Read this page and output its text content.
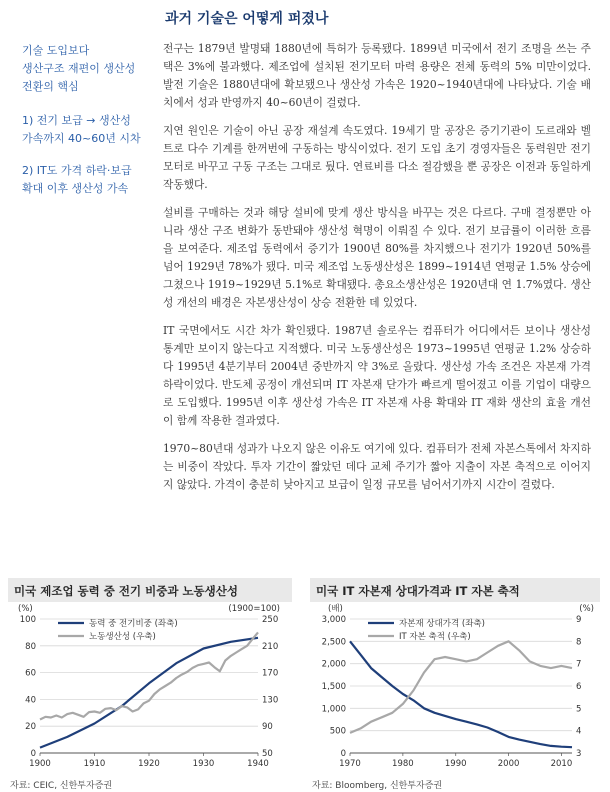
과거 기술은 어떻게 퍼졌나
기술 도입보다
생산구조 재편이 생산성
전환의 핵심
1) 전기 보급 → 생산성
가속까지 40~60년 시차
2) IT도 가격 하락·보급
확대 이후 생산성 가속

전구는 1879년 발명돼 1880년에 특허가 등록됐다. 1899년 미국에서 전기 조명을 쓰는 주택은 3%에 불과했다. 제조업에 설치된 전기모터 마력 용량은 전체 동력의 5% 미만이었다. 발전 기술은 1880년대에 확보됐으나 생산성 가속은 1920~1940년대에 나타났다. 기술 배치에서 성과 반영까지 40~60년이 걸렸다.

지연 원인은 기술이 아닌 공장 재설계 속도였다. 19세기 말 공장은 증기기관이 도르래와 벨트로 다수 기계를 한꺼번에 구동하는 방식이었다. 전기 도입 초기 경영자들은 동력원만 전기모터로 바꾸고 구동 구조는 그대로 뒀다. 연료비를 다소 절감했을 뿐 공장은 이전과 동일하게 작동했다.

설비를 구매하는 것과 해당 설비에 맞게 생산 방식을 바꾸는 것은 다르다. 구매 결정뿐만 아니라 생산 구조 변화가 동반돼야 생산성 혁명이 이뤄질 수 있다. 전기 보급률이 이러한 흐름을 보여준다. 제조업 동력에서 증기가 1900년 80%를 차지했으나 전기가 1920년 50%를 넘어 1929년 78%가 됐다. 미국 제조업 노동생산성은 1899~1914년 연평균 1.5% 상승에 그쳤으나 1919~1929년 5.1%로 확대됐다. 총요소생산성은 1920년대 연 1.7%였다. 생산성 개선의 배경은 자본생산성이 상승 전환한 데 있었다.

IT 국면에서도 시간 차가 확인됐다. 1987년 솔로우는 컴퓨터가 어디에서든 보이나 생산성 통계만 보이지 않는다고 지적했다. 미국 노동생산성은 1973~1995년 연평균 1.2% 상승하다 1995년 4분기부터 2004년 중반까지 약 3%로 올랐다. 생산성 가속 조건은 자본재 가격 하락이었다. 반도체 공정이 개선되며 IT 자본재 단가가 빠르게 떨어졌고 이를 기업이 대량으로 도입했다. 1995년 이후 생산성 가속은 IT 자본재 사용 확대와 IT 재화 생산의 효율 개선이 함께 작용한 결과였다.

1970~80년대 성과가 나오지 않은 이유도 여기에 있다. 컴퓨터가 전체 자본스톡에서 차지하는 비중이 작았다. 투자 기간이 짧았던 데다 교체 주기가 짧아 지출이 자본 축적으로 이어지지 않았다. 가격이 충분히 낮아지고 보급이 일정 규모를 넘어서기까지 시간이 걸렸다.

미국 제조업 동력 중 전기 비중과 노동생산성
0
20
40
60
80
100
50
90
130
170
210
250
1900	1910	1920	1930	1940
(%)	(1900=100)
동력 중 전기비중 (좌축)
노동생산성 (우축)
자료: CEIC, 신한투자증권
미국 IT 자본재 상대가격과 IT 자본 축적
0
500
1,000
1,500
2,000
2,500
3,000
3
4
5
6
7
8
9
1970	1980	1990	2000	2010
(배)	(%)
자본재 상대가격 (좌축)
IT 자본 축적 (우축)
자료: Bloomberg, 신한투자증권
